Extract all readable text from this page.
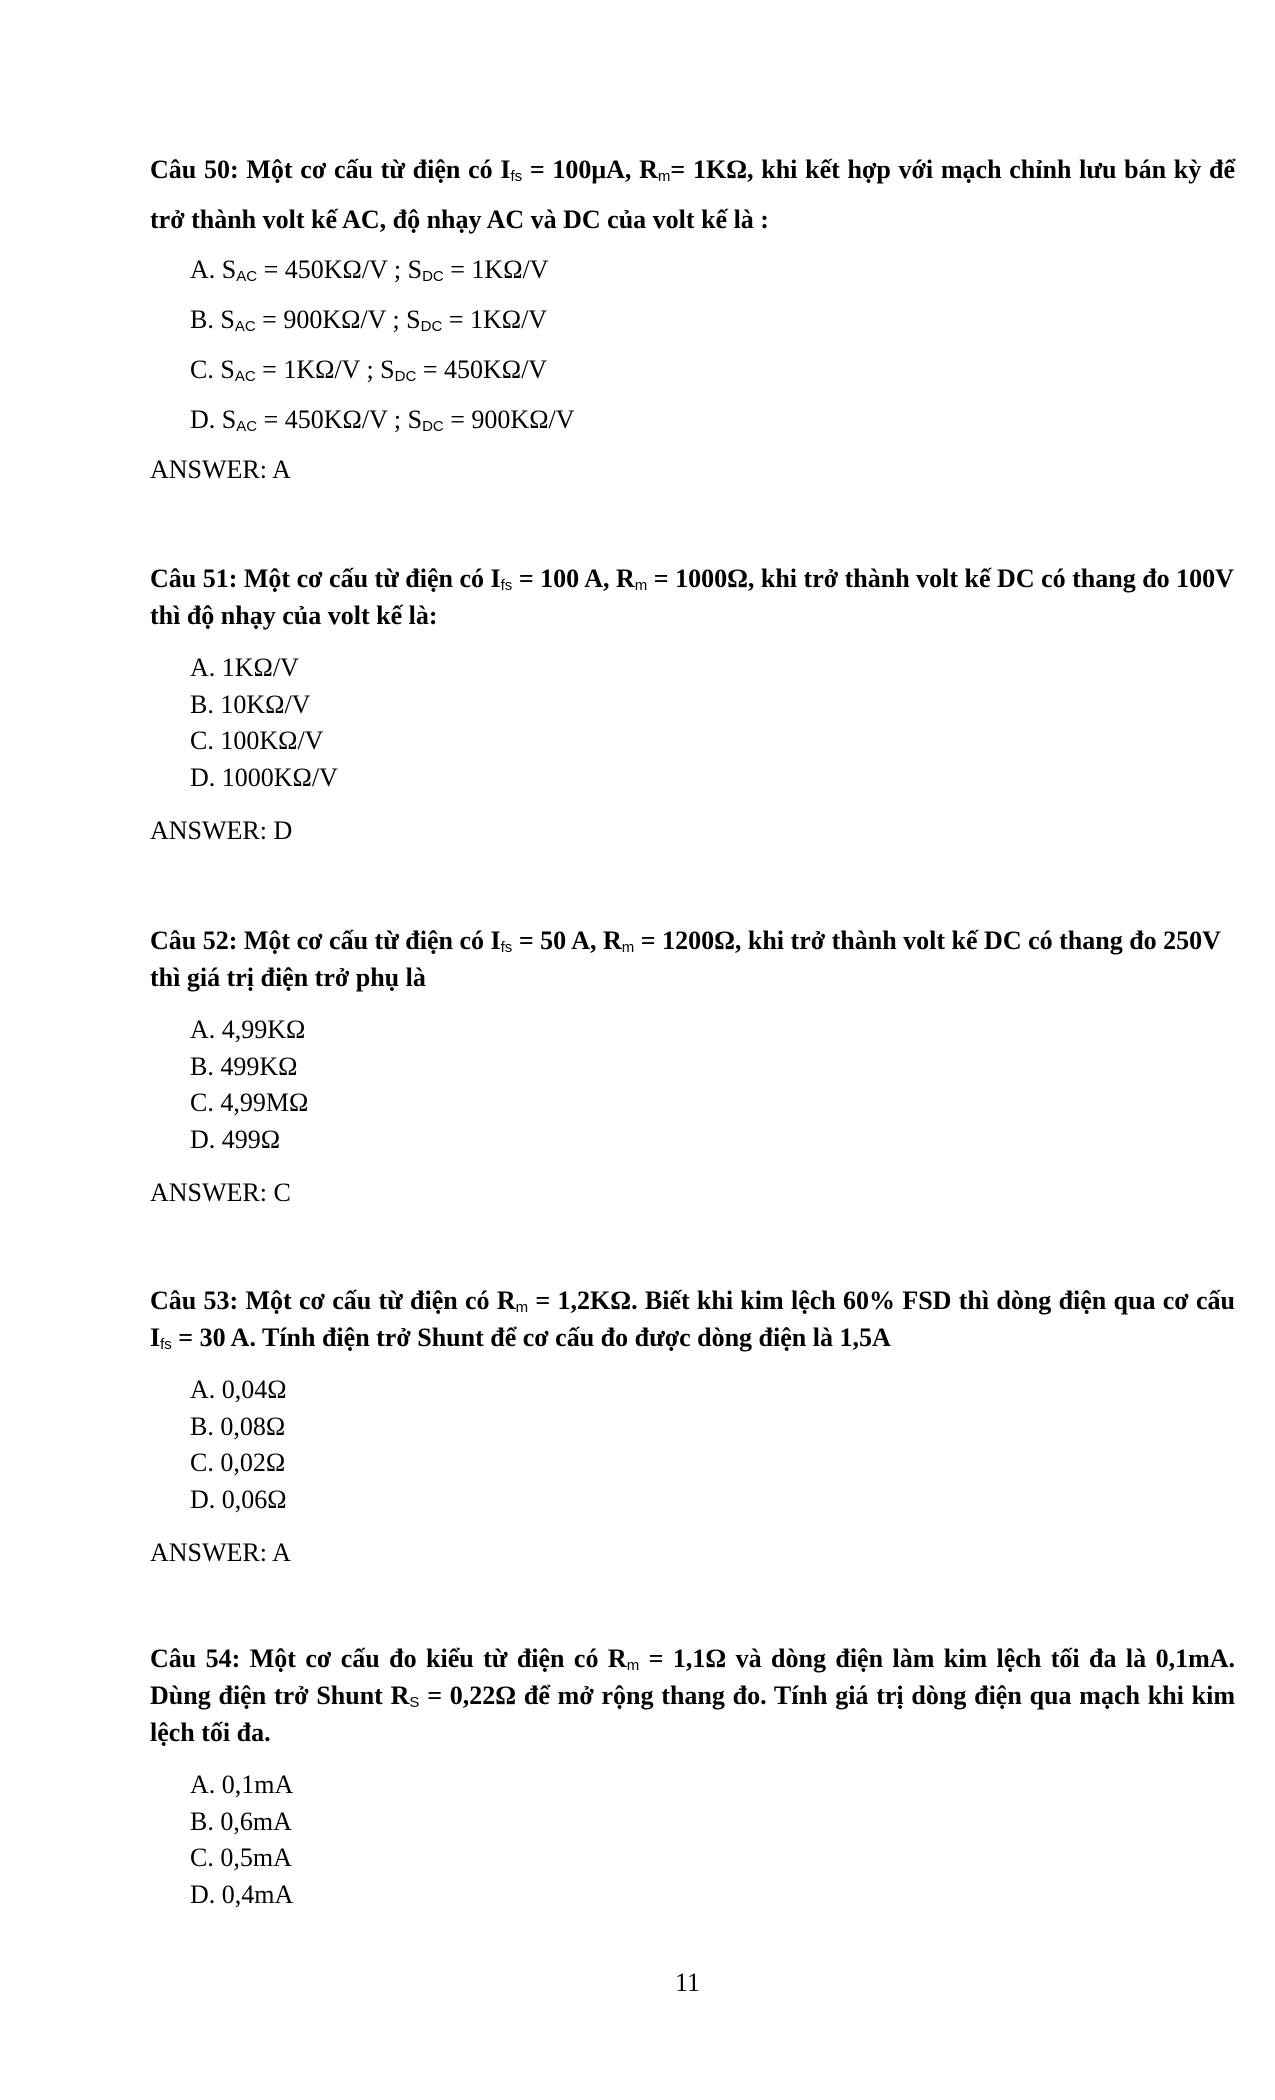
Câu 50: Một cơ cấu từ điện có $I_{fs} = 100\mu A$, $R_m= 1K\Omega$, khi kết hợp với mạch chỉnh lưu bán kỳ để trở thành volt kế AC, độ nhạy AC và DC của volt kế là :

A. $S_{AC} = 450K\Omega/V$ ; $S_{DC} = 1K\Omega/V$
B. $S_{AC} = 900K\Omega/V$ ; $S_{DC} = 1K\Omega/V$
C. $S_{AC} = 1K\Omega/V$ ; $S_{DC} = 450K\Omega/V$
D. $S_{AC} = 450K\Omega/V$ ; $S_{DC} = 900K\Omega/V$

ANSWER: A

Câu 51: Một cơ cấu từ điện có $I_{fs} = 100$ A, $R_m = 1000\Omega$, khi trở thành volt kế DC có thang đo 100V thì độ nhạy của volt kế là:

A. 1KΩ/V
B. 10KΩ/V
C. 100KΩ/V
D. 1000KΩ/V

ANSWER: D

Câu 52: Một cơ cấu từ điện có $I_{fs} = 50$ A, $R_m = 1200\Omega$, khi trở thành volt kế DC có thang đo 250V thì giá trị điện trở phụ là

A. 4,99KΩ
B. 499KΩ
C. 4,99MΩ
D. 499Ω

ANSWER: C

Câu 53: Một cơ cấu từ điện có $R_m = 1,2K\Omega$. Biết khi kim lệch 60% FSD thì dòng điện qua cơ cấu $I_{fs} = 30$ A. Tính điện trở Shunt để cơ cấu đo được dòng điện là 1,5A

A. 0,04Ω
B. 0,08Ω
C. 0,02Ω
D. 0,06Ω

ANSWER: A

Câu 54: Một cơ cấu đo kiểu từ điện có $R_m = 1,1\Omega$ và dòng điện làm kim lệch tối đa là 0,1mA. Dùng điện trở Shunt $R_S = 0,22\Omega$ để mở rộng thang đo. Tính giá trị dòng điện qua mạch khi kim lệch tối đa.

A. 0,1mA
B. 0,6mA
C. 0,5mA
D. 0,4mA
11
